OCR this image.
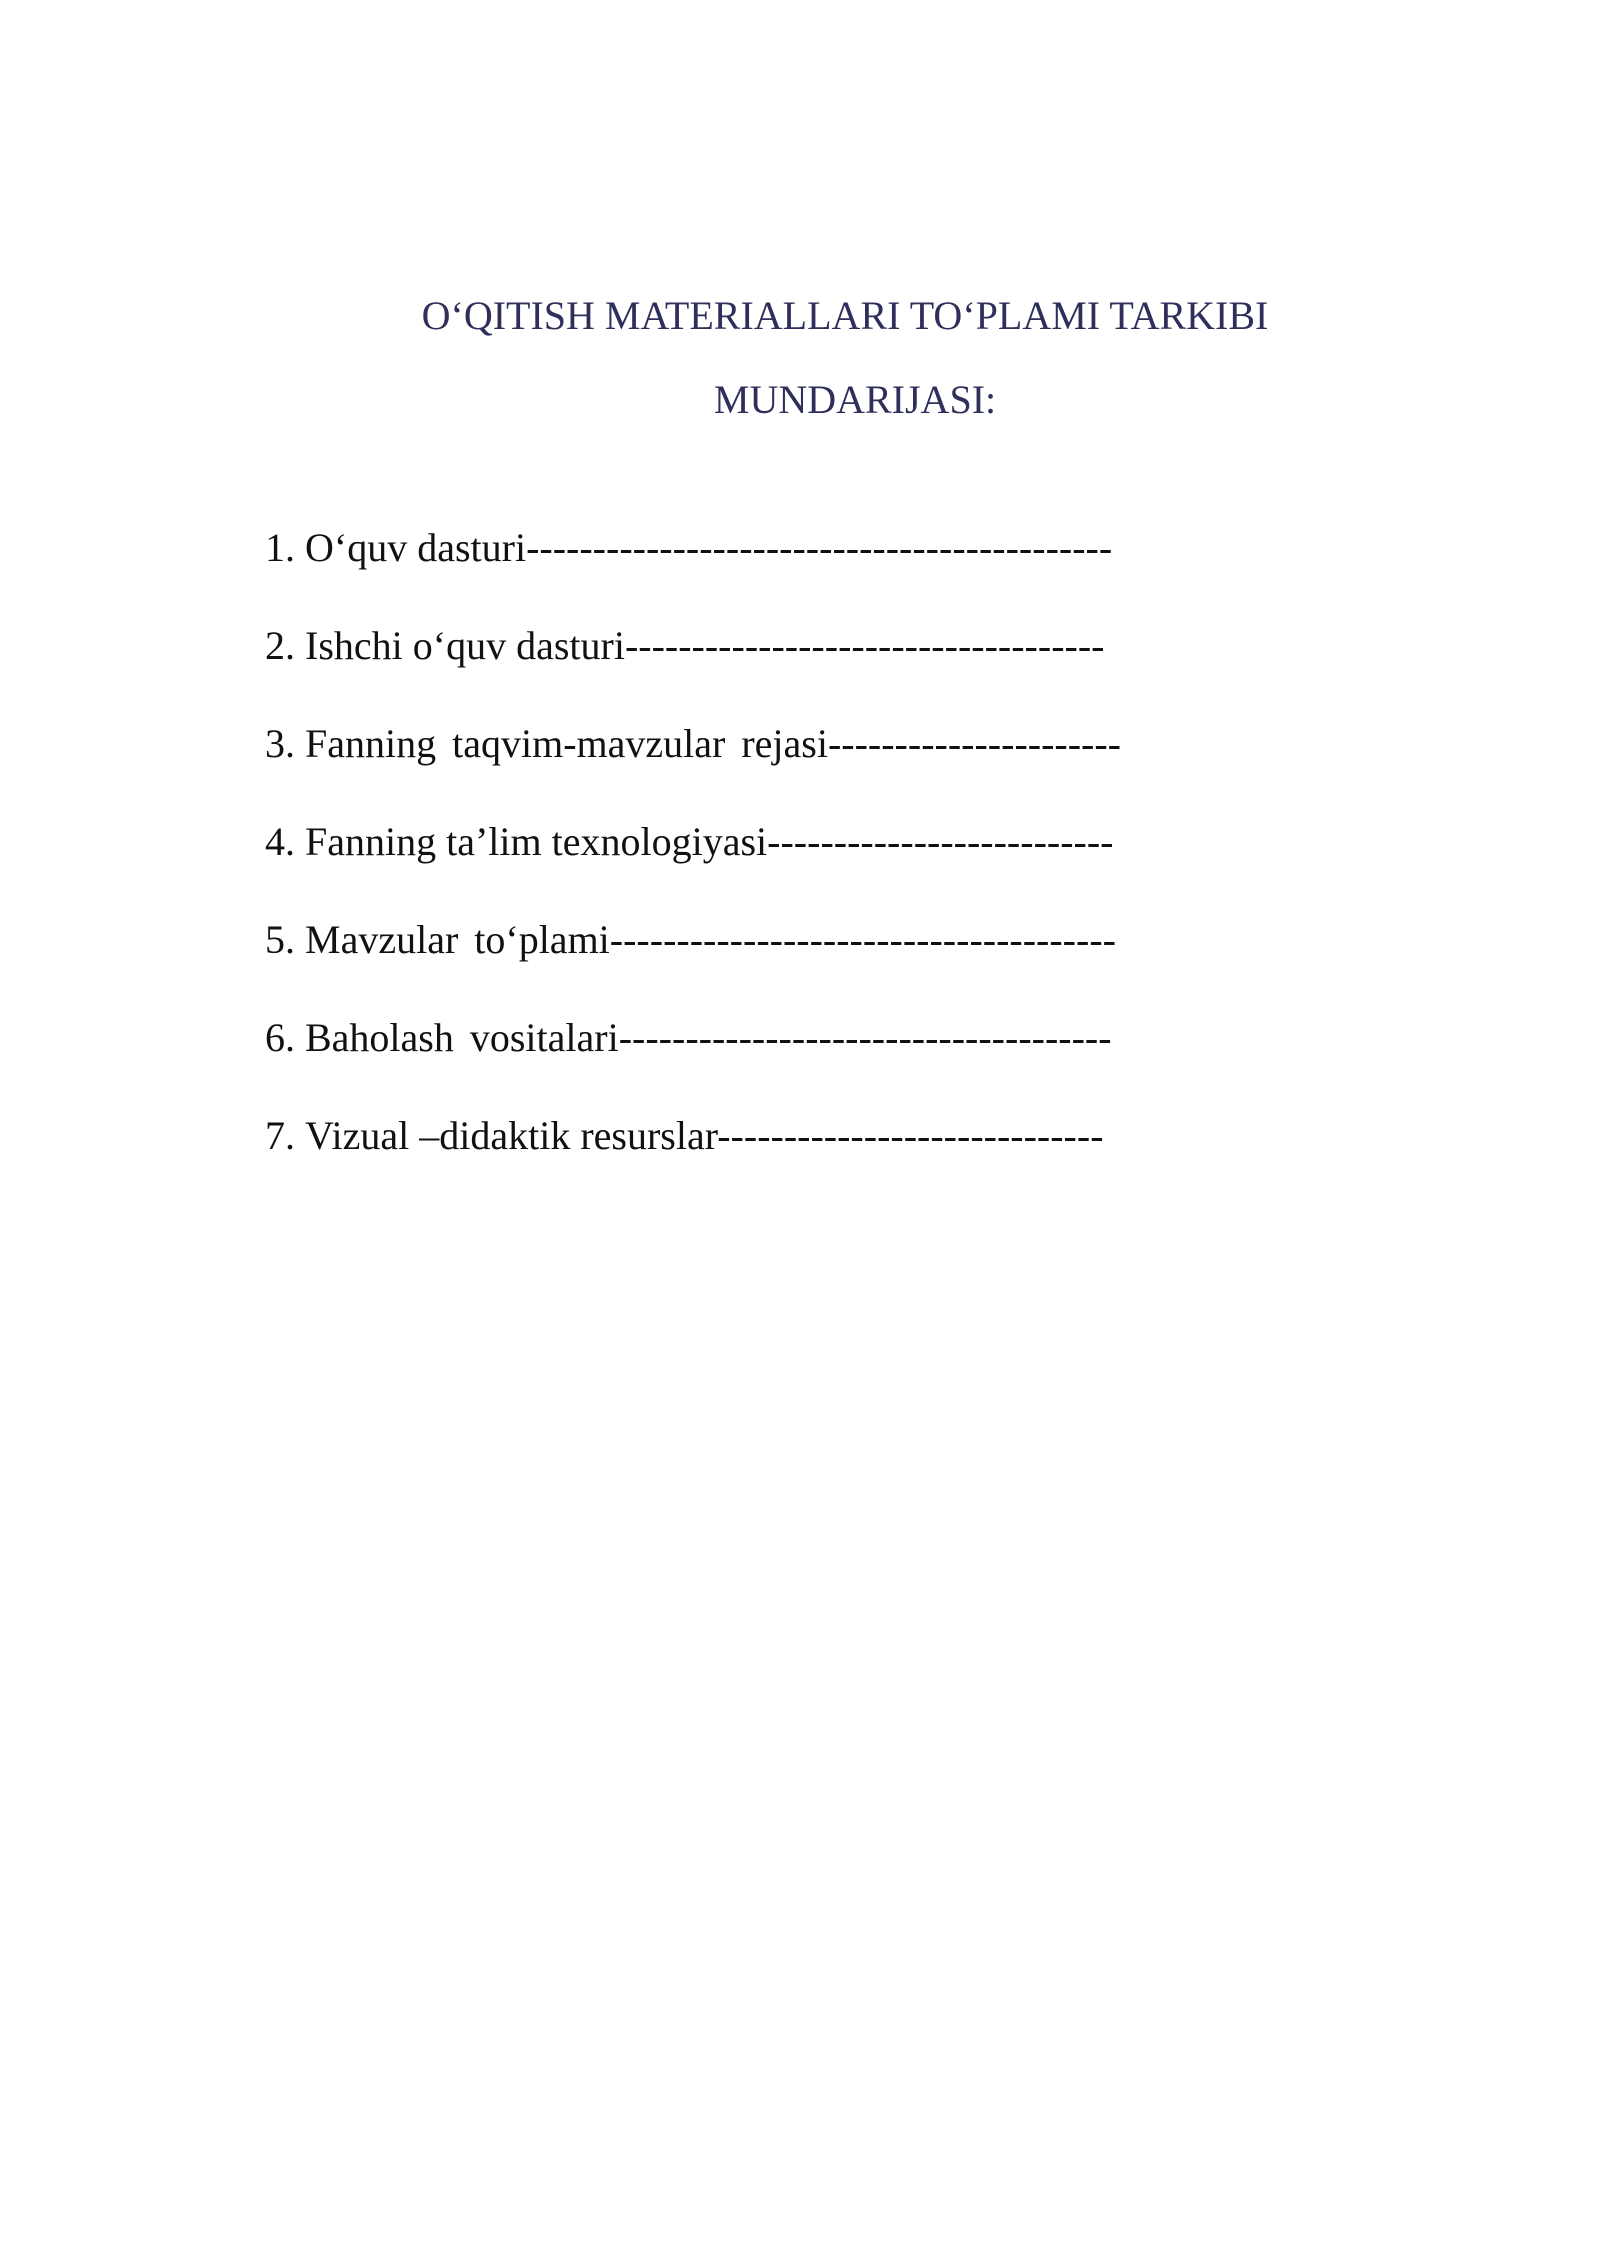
O‘QITISH MATERIALLARI TO‘PLAMI TARKIBI
MUNDARIJASI:
1. O‘quv dasturi--------------------------------------------
2. Ishchi o‘quv dasturi------------------------------------
3. Fanning taqvim-mavzular rejasi----------------------
4. Fanning ta’lim texnologiyasi--------------------------
5. Mavzular to‘plami--------------------------------------
6. Baholash vositalari-------------------------------------
7. Vizual –didaktik resurslar-----------------------------
